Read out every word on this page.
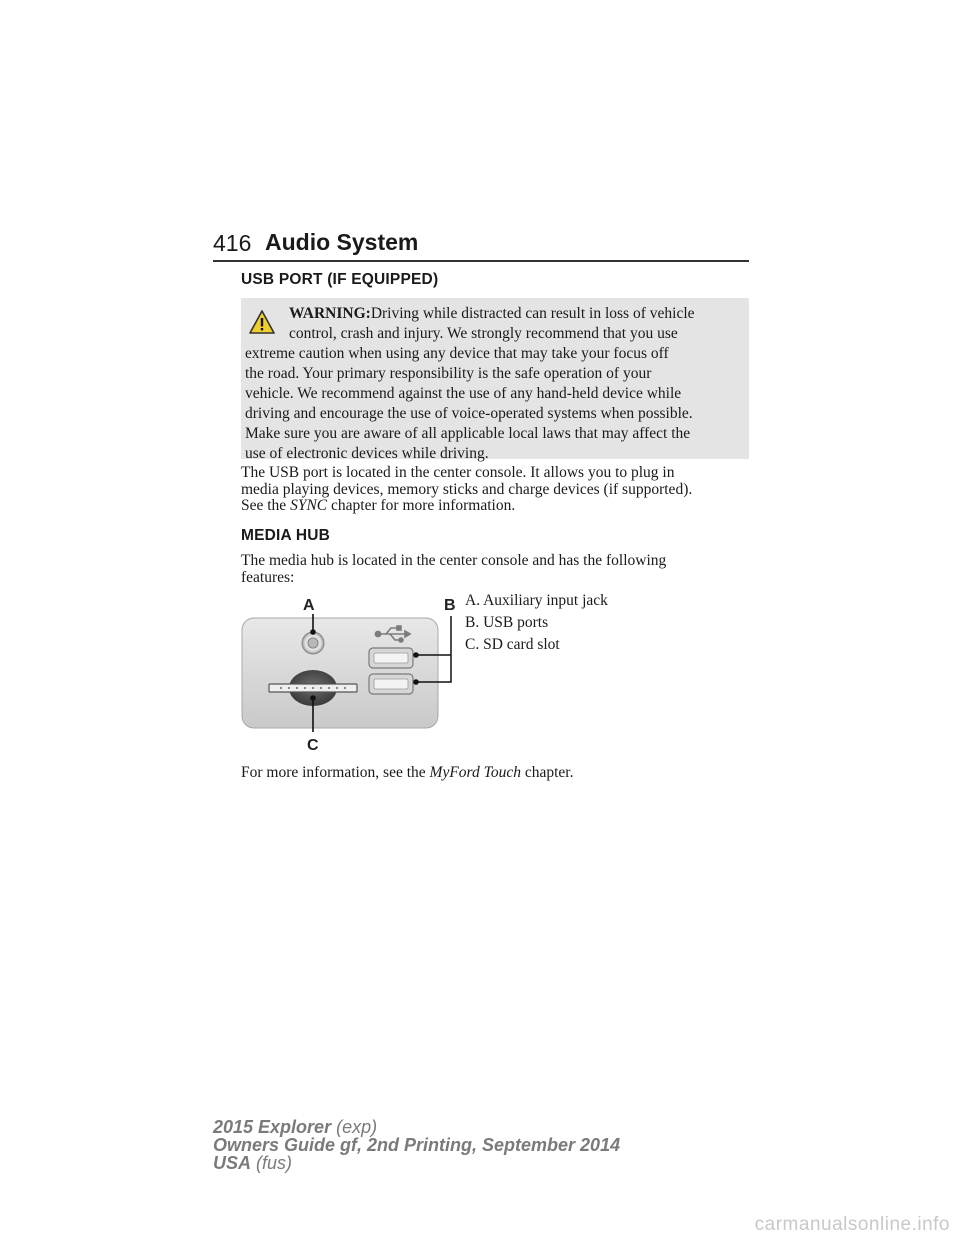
416 Audio System
USB PORT (IF EQUIPPED)
WARNING:Driving while distracted can result in loss of vehicle
control, crash and injury. We strongly recommend that you use
extreme caution when using any device that may take your focus off
the road. Your primary responsibility is the safe operation of your
vehicle. We recommend against the use of any hand-held device while
driving and encourage the use of voice-operated systems when possible.
Make sure you are aware of all applicable local laws that may affect the
use of electronic devices while driving.
The USB port is located in the center console. It allows you to plug in
media playing devices, memory sticks and charge devices (if supported).
See the SYNC chapter for more information.
MEDIA HUB
The media hub is located in the center console and has the following
features:
A	B
C
A. Auxiliary input jack
B. USB ports
C. SD card slot
For more information, see the MyFord Touch chapter.
2015 Explorer (exp)
Owners Guide gf, 2nd Printing, September 2014
USA (fus)
carmanualsonline.info
